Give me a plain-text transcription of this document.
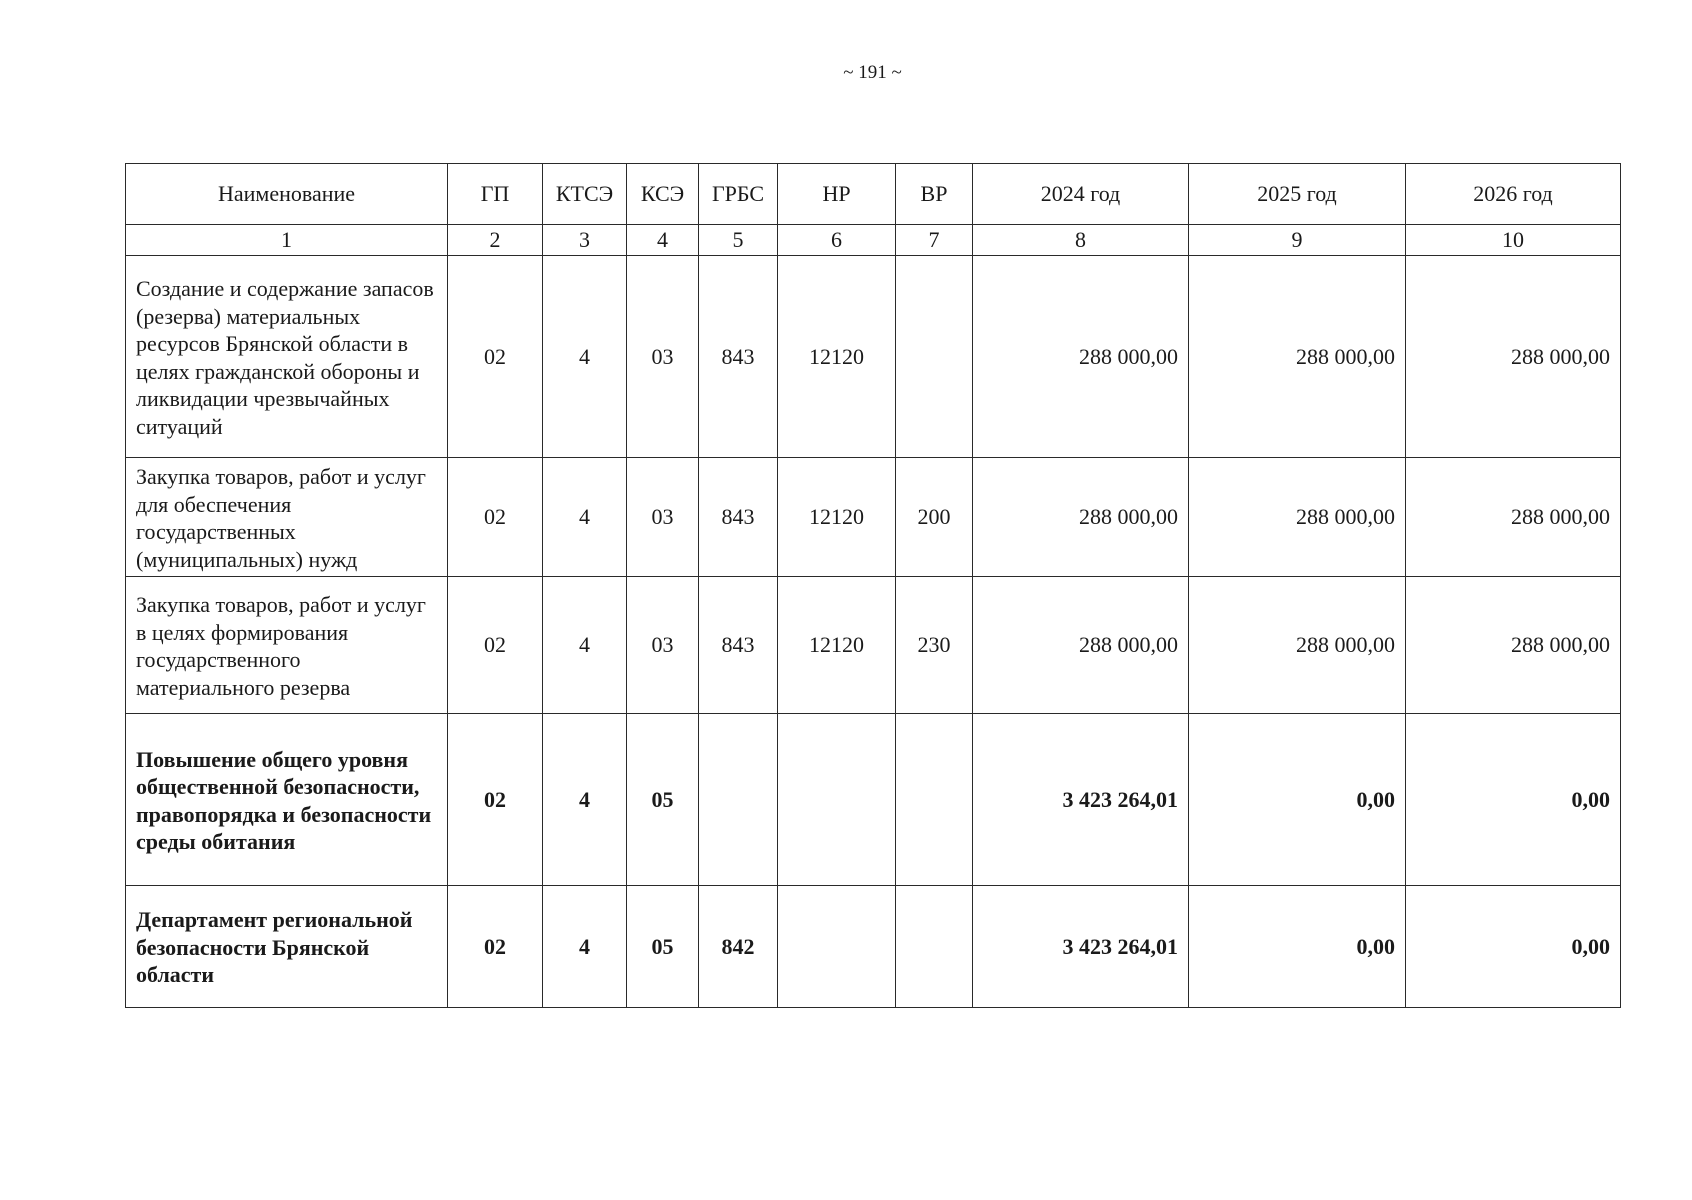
~ 191 ~
Наименование	ГП	КТСЭ	КСЭ	ГРБС	НР	ВР	2024 год	2025 год	2026 год
1	2	3	4	5	6	7	8	9	10
Создание и содержание запасов (резерва) материальных ресурсов Брянской области в целях гражданской обороны и ликвидации чрезвычайных ситуаций	02	4	03	843	12120		288 000,00	288 000,00	288 000,00
Закупка товаров, работ и услуг для обеспечения государственных (муниципальных) нужд	02	4	03	843	12120	200	288 000,00	288 000,00	288 000,00
Закупка товаров, работ и услуг в целях формирования государственного материального резерва	02	4	03	843	12120	230	288 000,00	288 000,00	288 000,00
Повышение общего уровня общественной безопасности, правопорядка и безопасности среды обитания	02	4	05				3 423 264,01	0,00	0,00
Департамент региональной безопасности Брянской области	02	4	05	842			3 423 264,01	0,00	0,00
